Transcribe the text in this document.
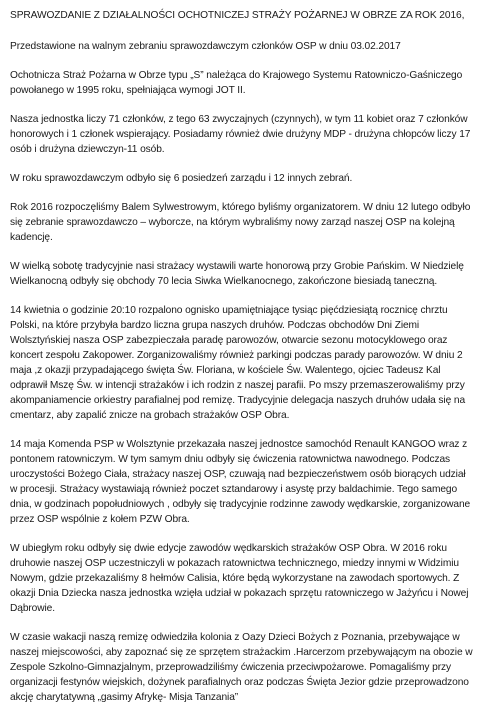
SPRAWOZDANIE Z DZIAŁALNOŚCI OCHOTNICZEJ STRAŻY POŻARNEJ W OBRZE ZA ROK 2016,
Przedstawione na walnym zebraniu sprawozdawczym członków OSP w dniu 03.02.2017
Ochotnicza Straż Pożarna w Obrze typu „S” należąca do Krajowego Systemu Ratowniczo-Gaśniczego powołanego w 1995 roku, spełniająca wymogi JOT II.
Nasza jednostka liczy 71 członków, z tego 63 zwyczajnych (czynnych), w tym 11 kobiet oraz 7 członków honorowych i 1 członek wspierający. Posiadamy również dwie drużyny MDP - drużyna chłopców liczy 17 osób i drużyna dziewczyn-11 osób.
W roku sprawozdawczym odbyło się 6 posiedzeń zarządu i 12 innych zebrań.
Rok 2016 rozpoczęliśmy Balem Sylwestrowym, którego byliśmy organizatorem. W dniu 12 lutego odbyło się zebranie sprawozdawczo – wyborcze, na którym wybraliśmy nowy zarząd naszej OSP na kolejną kadencję.
W wielką sobotę tradycyjnie nasi strażacy wystawili warte honorową przy Grobie Pańskim. W Niedzielę Wielkanocną odbyły się obchody 70 lecia Siwka Wielkanocnego, zakończone biesiadą taneczną.
14 kwietnia o godzinie 20:10 rozpalono ognisko upamiętniające tysiąc pięćdziesiątą rocznicę chrztu Polski, na które przybyła bardzo liczna grupa naszych druhów. Podczas obchodów Dni Ziemi Wolsztyńskiej nasza OSP zabezpieczała paradę parowozów, otwarcie sezonu motocyklowego oraz koncert zespołu Zakopower. Zorganizowaliśmy również parkingi podczas parady parowozów. W dniu 2 maja ,z okazji przypadającego święta Św. Floriana, w kościele Św. Walentego, ojciec Tadeusz Kal odprawił Mszę Św. w intencji strażaków i ich rodzin z naszej parafii. Po mszy przemaszerowaliśmy przy akompaniamencie orkiestry parafialnej pod remizę. Tradycyjnie delegacja naszych druhów udała się na cmentarz, aby zapalić znicze na grobach strażaków OSP Obra.
14 maja Komenda PSP w Wolsztynie przekazała naszej jednostce samochód Renault KANGOO wraz z pontonem ratowniczym. W tym samym dniu odbyły się ćwiczenia ratownictwa nawodnego. Podczas uroczystości Bożego Ciała, strażacy naszej OSP, czuwają nad bezpieczeństwem osób biorących udział w procesji. Strażacy wystawiają również poczet sztandarowy i asystę przy baldachimie. Tego samego dnia, w godzinach popołudniowych , odbyły się tradycyjnie rodzinne zawody wędkarskie, zorganizowane przez OSP wspólnie z kołem PZW Obra.
W ubiegłym roku odbyły się dwie edycje zawodów wędkarskich strażaków OSP Obra. W 2016 roku druhowie naszej OSP uczestniczyli w pokazach ratownictwa technicznego, miedzy innymi w Widzimiu Nowym, gdzie przekazaliśmy 8 hełmów Calisia, które będą wykorzystane na zawodach sportowych. Z okazji Dnia Dziecka nasza jednostka wzięła udział w pokazach sprzętu ratowniczego w Jażyńcu i Nowej Dąbrowie.
W czasie wakacji naszą remizę odwiedziła kolonia z Oazy Dzieci Bożych z Poznania, przebywające w naszej miejscowości, aby zapoznać się ze sprzętem strażackim .Harcerzom przebywającym na obozie w Zespole Szkolno-Gimnazjalnym, przeprowadziliśmy ćwiczenia przeciwpożarowe. Pomagaliśmy przy organizacji festynów wiejskich, dożynek parafialnych oraz podczas Święta Jezior gdzie przeprowadzono akcję charytatywną „gasimy Afrykę- Misja Tanzania”
